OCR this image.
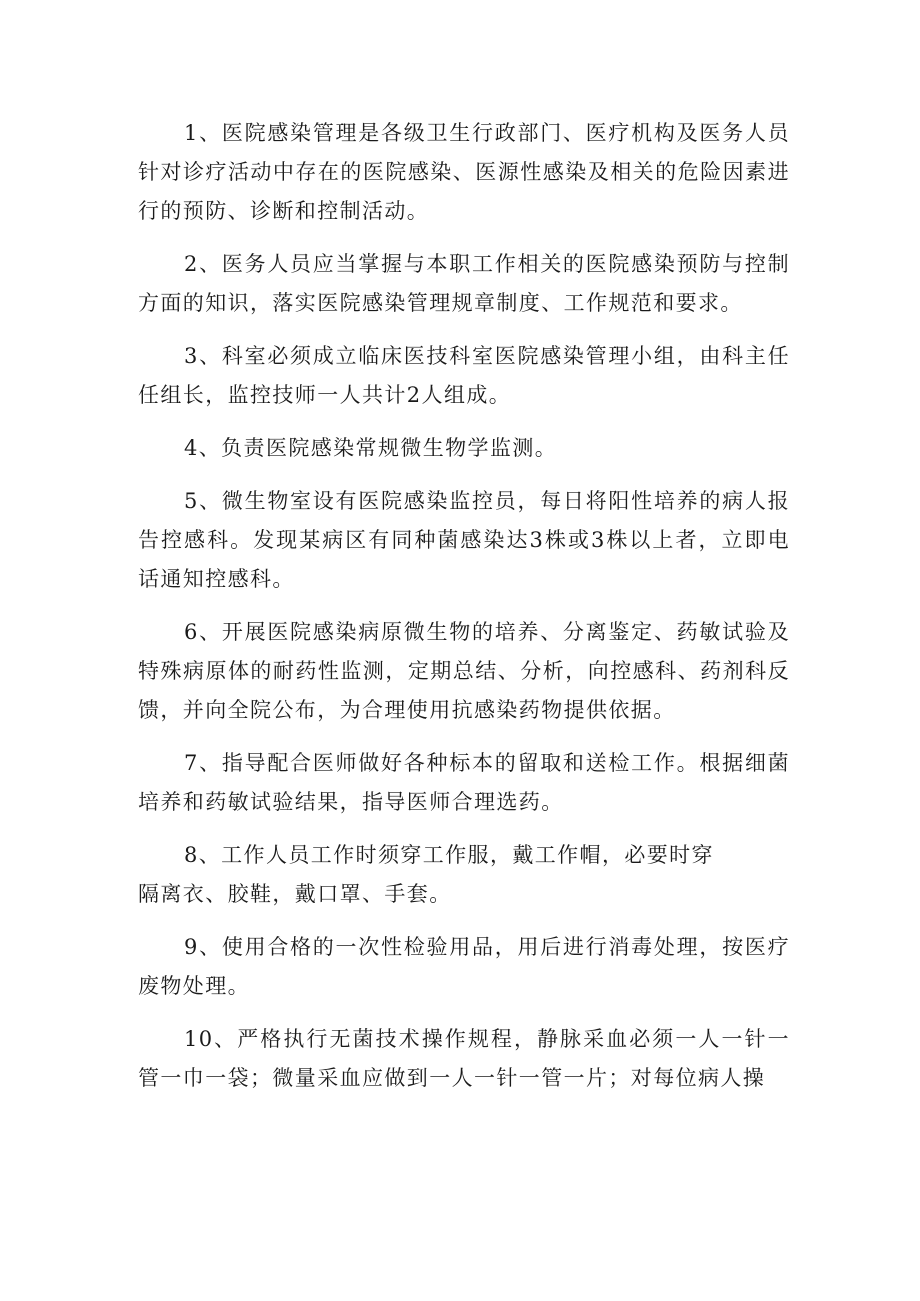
1、医院感染管理是各级卫生行政部门、医疗机构及医务人员针对诊疗活动中存在的医院感染、医源性感染及相关的危险因素进行的预防、诊断和控制活动。

2、医务人员应当掌握与本职工作相关的医院感染预防与控制方面的知识，落实医院感染管理规章制度、工作规范和要求。

3、科室必须成立临床医技科室医院感染管理小组，由科主任任组长，监控技师一人共计2人组成。

4、负责医院感染常规微生物学监测。

5、微生物室设有医院感染监控员，每日将阳性培养的病人报告控感科。发现某病区有同种菌感染达3株或3株以上者，立即电话通知控感科。

6、开展医院感染病原微生物的培养、分离鉴定、药敏试验及特殊病原体的耐药性监测，定期总结、分析，向控感科、药剂科反馈，并向全院公布，为合理使用抗感染药物提供依据。

7、指导配合医师做好各种标本的留取和送检工作。根据细菌培养和药敏试验结果，指导医师合理选药。

8、工作人员工作时须穿工作服，戴工作帽，必要时穿

隔离衣、胶鞋，戴口罩、手套。

9、使用合格的一次性检验用品，用后进行消毒处理，按医疗废物处理。

10、严格执行无菌技术操作规程，静脉采血必须一人一针一管一巾一袋；微量采血应做到一人一针一管一片；对每位病人操
